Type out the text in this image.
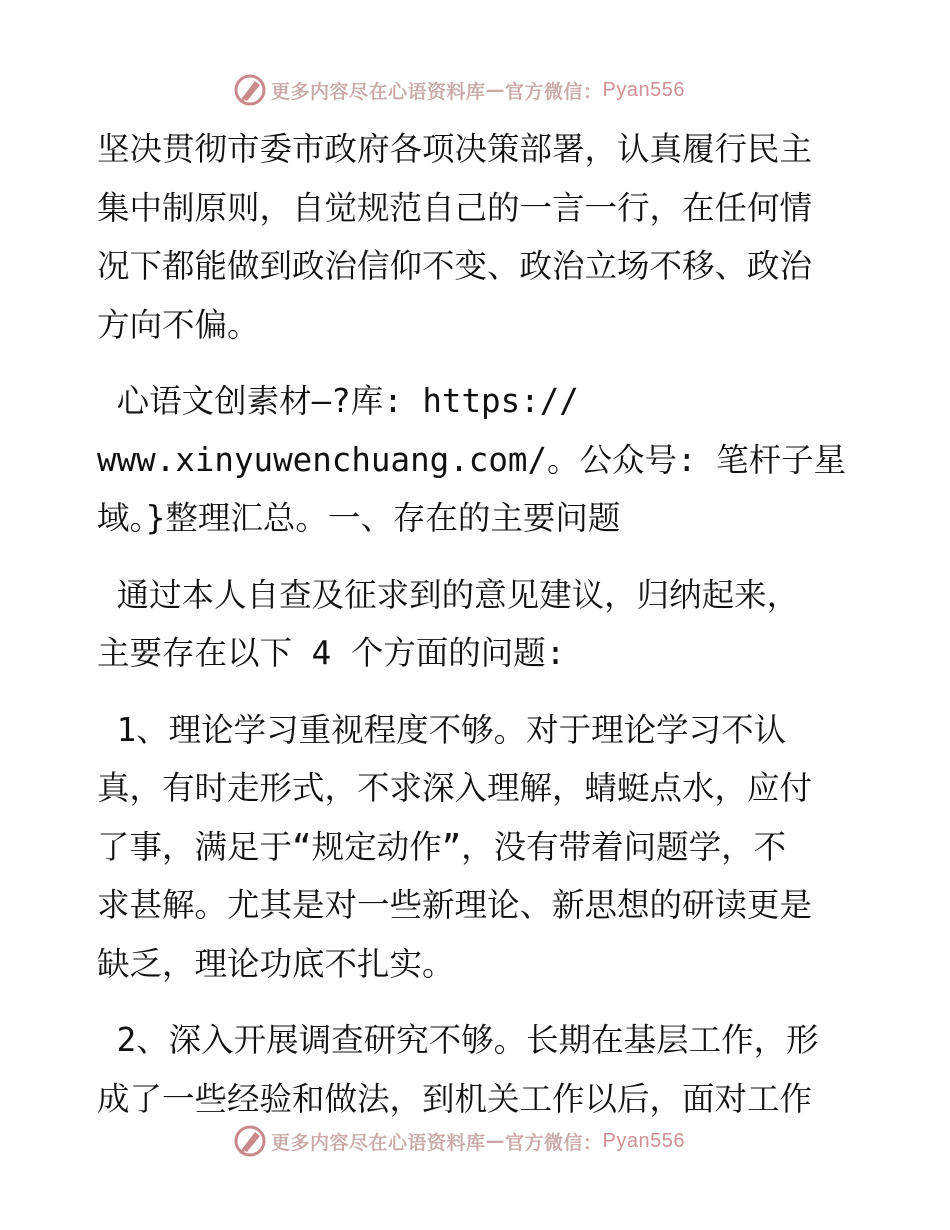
更多内容尽在心语资料库 — 官方微信： Pyan556

坚决贯彻市委市政府各项决策部署，认真履行民主
集中制原则，自觉规范自己的一言一行，在任何情
况下都能做到政治信仰不变、政治立场不移、政治
方向不偏。

心语文创素材—?库: https://
www.xinyuwenchuang.com/。公众号: 笔杆子星
域。}整理汇总。一、存在的主要问题

通过本人自查及征求到的意见建议，归纳起来，
主要存在以下 4 个方面的问题:

1、理论学习重视程度不够。对于理论学习不认
真，有时走形式，不求深入理解，蜻蜓点水，应付
了事，满足于“规定动作”，没有带着问题学，不
求甚解。尤其是对一些新理论、新思想的研读更是
缺乏，理论功底不扎实。

2、深入开展调查研究不够。长期在基层工作，形
成了一些经验和做法，到机关工作以后，面对工作

更多内容尽在心语资料库 — 官方微信： Pyan556
